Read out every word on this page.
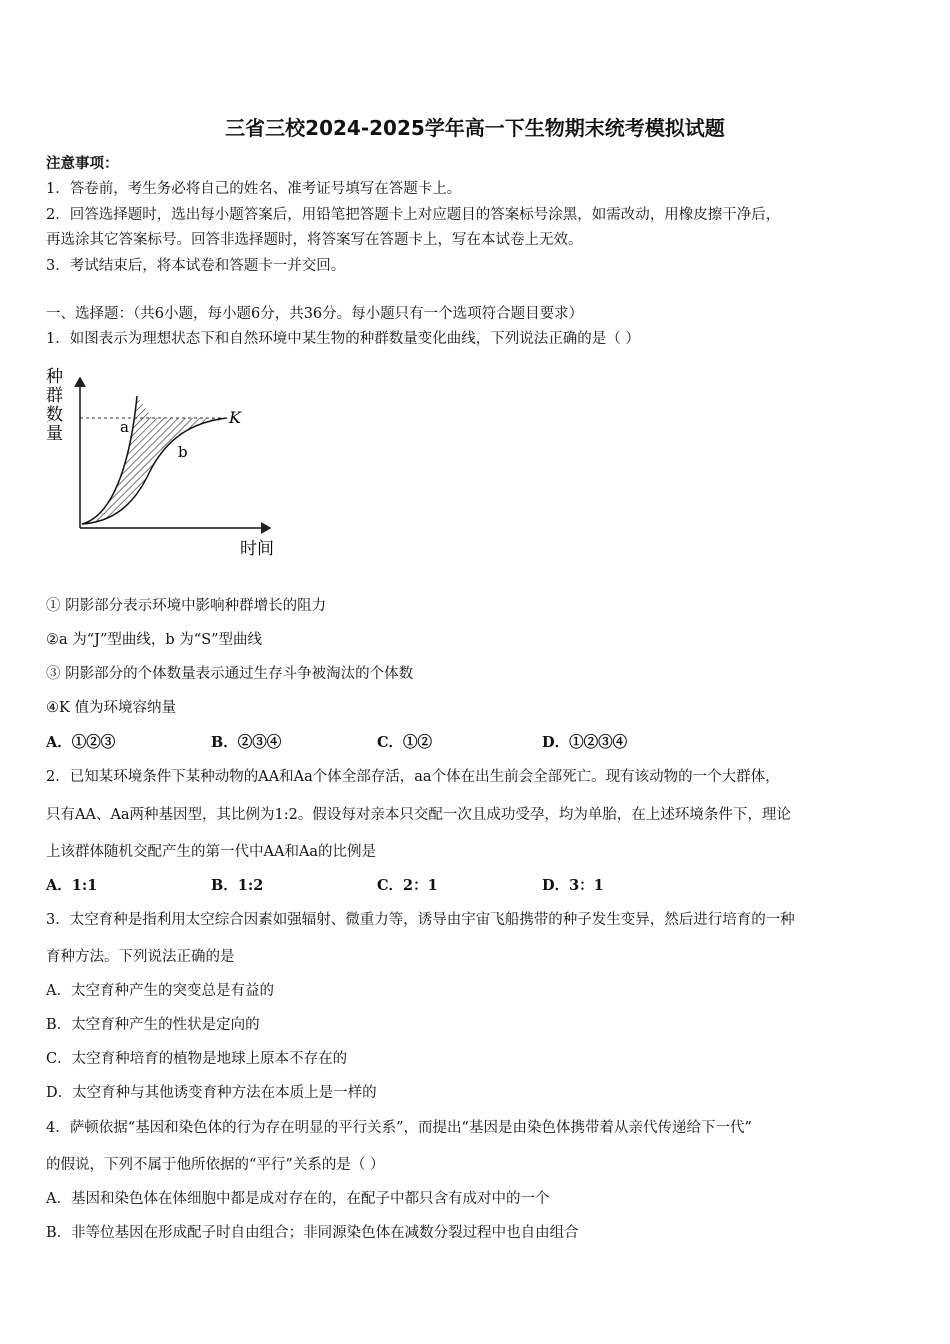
三省三校2024-2025学年高一下生物期末统考模拟试题
注意事项：
1．答卷前，考生务必将自己的姓名、准考证号填写在答题卡上。
2．回答选择题时，选出每小题答案后，用铅笔把答题卡上对应题目的答案标号涂黑，如需改动，用橡皮擦干净后，
再选涂其它答案标号。回答非选择题时，将答案写在答题卡上，写在本试卷上无效。
3．考试结束后，将本试卷和答题卡一并交回。
一、选择题：（共6小题，每小题6分，共36分。每小题只有一个选项符合题目要求）
1．如图表示为理想状态下和自然环境中某生物的种群数量变化曲线，下列说法正确的是（ ）
种
群
数
量	a
b
K
时间
① 阴影部分表示环境中影响种群增长的阻力
②a 为“J”型曲线，b 为“S”型曲线
③ 阴影部分的个体数量表示通过生存斗争被淘汰的个体数
④K 值为环境容纳量
A．①②③	B．②③④	C．①②	D．①②③④
2．已知某环境条件下某种动物的AA和Aa个体全部存活，aa个体在出生前会全部死亡。现有该动物的一个大群体，
只有AA、Aa两种基因型，其比例为1:2。假设每对亲本只交配一次且成功受孕，均为单胎，在上述环境条件下，理论
上该群体随机交配产生的第一代中AA和Aa的比例是
A．1:1	B．1:2	C．2：1	D．3：1
3．太空育种是指利用太空综合因素如强辐射、微重力等，诱导由宇宙飞船携带的种子发生变异，然后进行培育的一种
育种方法。下列说法正确的是
A．太空育种产生的突变总是有益的
B．太空育种产生的性状是定向的
C．太空育种培育的植物是地球上原本不存在的
D．太空育种与其他诱变育种方法在本质上是一样的
4．萨顿依据“基因和染色体的行为存在明显的平行关系”，而提出“基因是由染色体携带着从亲代传递给下一代”
的假说，下列不属于他所依据的“平行”关系的是（ ）
A．基因和染色体在体细胞中都是成对存在的，在配子中都只含有成对中的一个
B．非等位基因在形成配子时自由组合；非同源染色体在减数分裂过程中也自由组合
